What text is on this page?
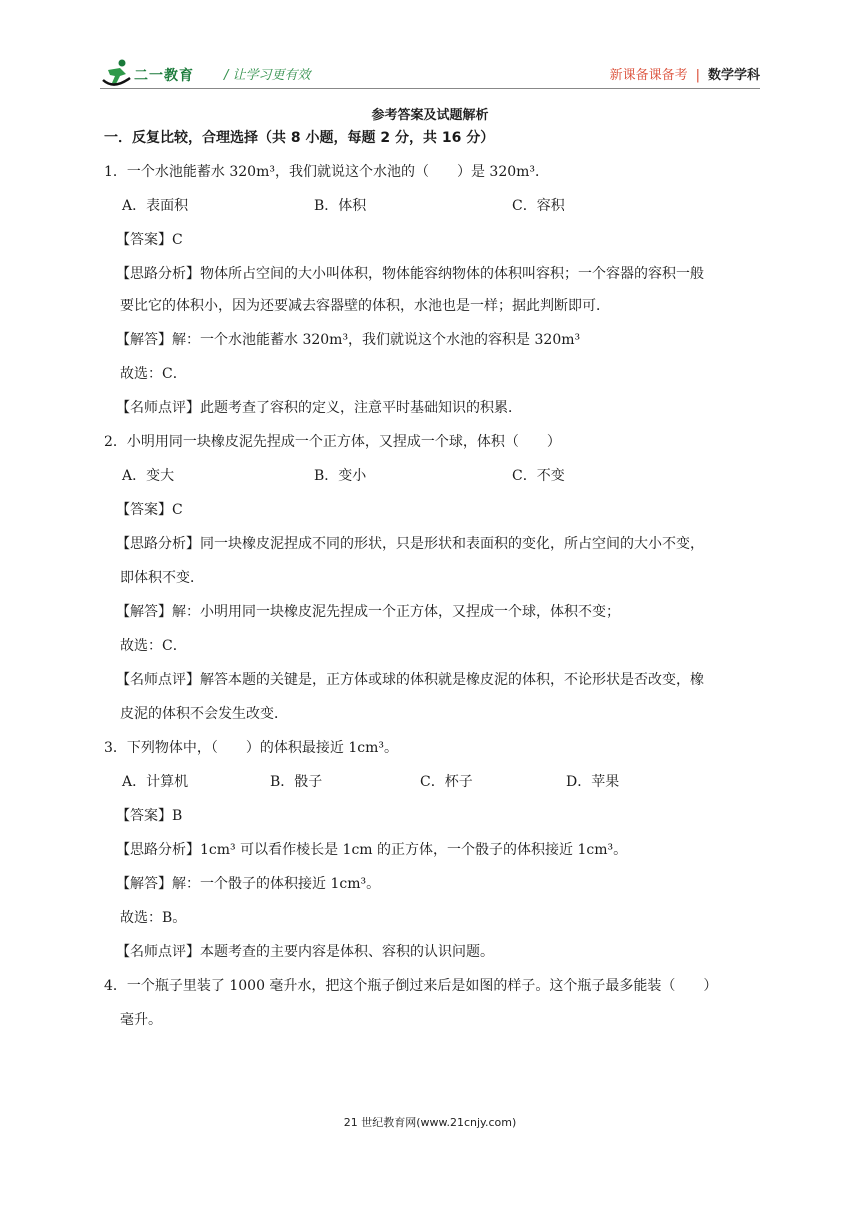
二一教育 / 让学习更有效	新课备课备考 | 数学学科
参考答案及试题解析
一．反复比较，合理选择（共 8 小题，每题 2 分，共 16 分）
1．一个水池能蓄水 320m³，我们就说这个水池的（　　）是 320m³．
A．表面积	B．体积	C．容积
【答案】C
【思路分析】物体所占空间的大小叫体积，物体能容纳物体的体积叫容积；一个容器的容积一般
要比它的体积小，因为还要减去容器壁的体积，水池也是一样；据此判断即可．
【解答】解：一个水池能蓄水 320m³，我们就说这个水池的容积是 320m³
故选：C．
【名师点评】此题考查了容积的定义，注意平时基础知识的积累．
2．小明用同一块橡皮泥先捏成一个正方体，又捏成一个球，体积（　　）
A．变大	B．变小	C．不变
【答案】C
【思路分析】同一块橡皮泥捏成不同的形状，只是形状和表面积的变化，所占空间的大小不变，
即体积不变．
【解答】解：小明用同一块橡皮泥先捏成一个正方体，又捏成一个球，体积不变；
故选：C．
【名师点评】解答本题的关键是，正方体或球的体积就是橡皮泥的体积，不论形状是否改变，橡
皮泥的体积不会发生改变．
3．下列物体中，（　　）的体积最接近 1cm³。
A．计算机	B．骰子	C．杯子	D．苹果
【答案】B
【思路分析】1cm³ 可以看作棱长是 1cm 的正方体，一个骰子的体积接近 1cm³。
【解答】解：一个骰子的体积接近 1cm³。
故选：B。
【名师点评】本题考查的主要内容是体积、容积的认识问题。
4．一个瓶子里装了 1000 毫升水，把这个瓶子倒过来后是如图的样子。这个瓶子最多能装（　　）
毫升。
21 世纪教育网(www.21cnjy.com)
